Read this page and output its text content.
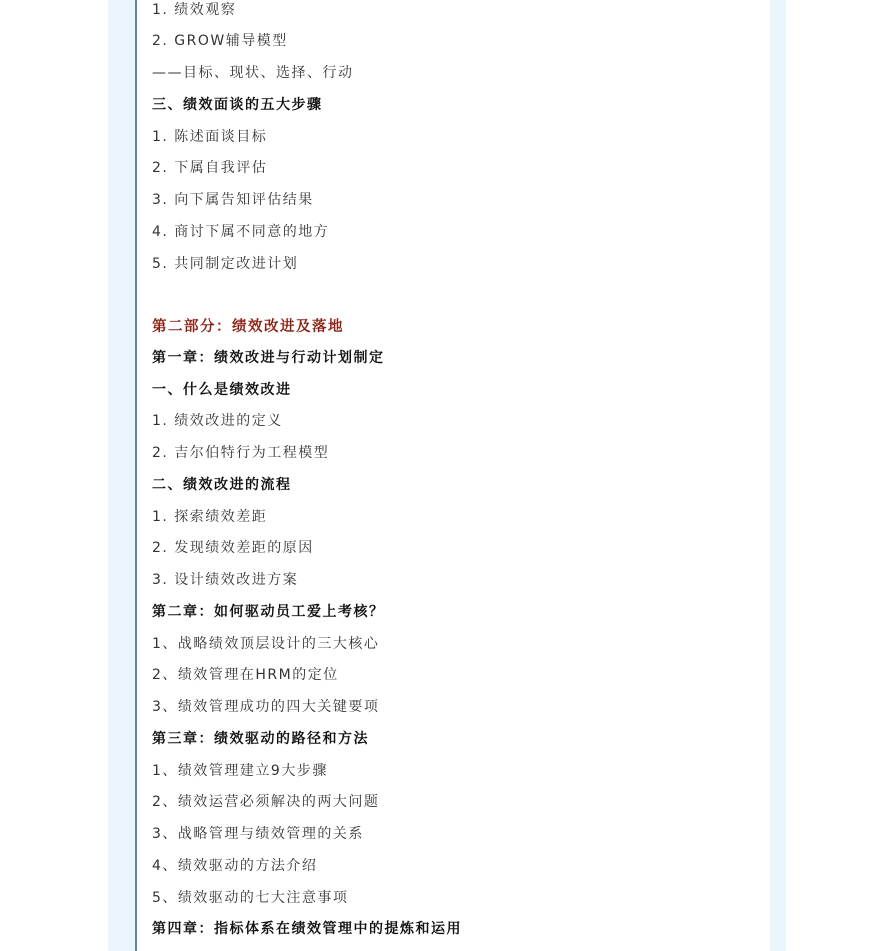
1. 绩效观察
2. GROW辅导模型
——目标、现状、选择、行动
三、绩效面谈的五大步骤
1. 陈述面谈目标
2. 下属自我评估
3. 向下属告知评估结果
4. 商讨下属不同意的地方
5. 共同制定改进计划
第二部分：绩效改进及落地
第一章：绩效改进与行动计划制定
一、什么是绩效改进
1. 绩效改进的定义
2. 吉尔伯特行为工程模型
二、绩效改进的流程
1. 探索绩效差距
2. 发现绩效差距的原因
3. 设计绩效改进方案
第二章：如何驱动员工爱上考核？
1、战略绩效顶层设计的三大核心
2、绩效管理在HRM的定位
3、绩效管理成功的四大关键要项
第三章：绩效驱动的路径和方法
1、绩效管理建立9大步骤
2、绩效运营必须解决的两大问题
3、战略管理与绩效管理的关系
4、绩效驱动的方法介绍
5、绩效驱动的七大注意事项
第四章：指标体系在绩效管理中的提炼和运用
